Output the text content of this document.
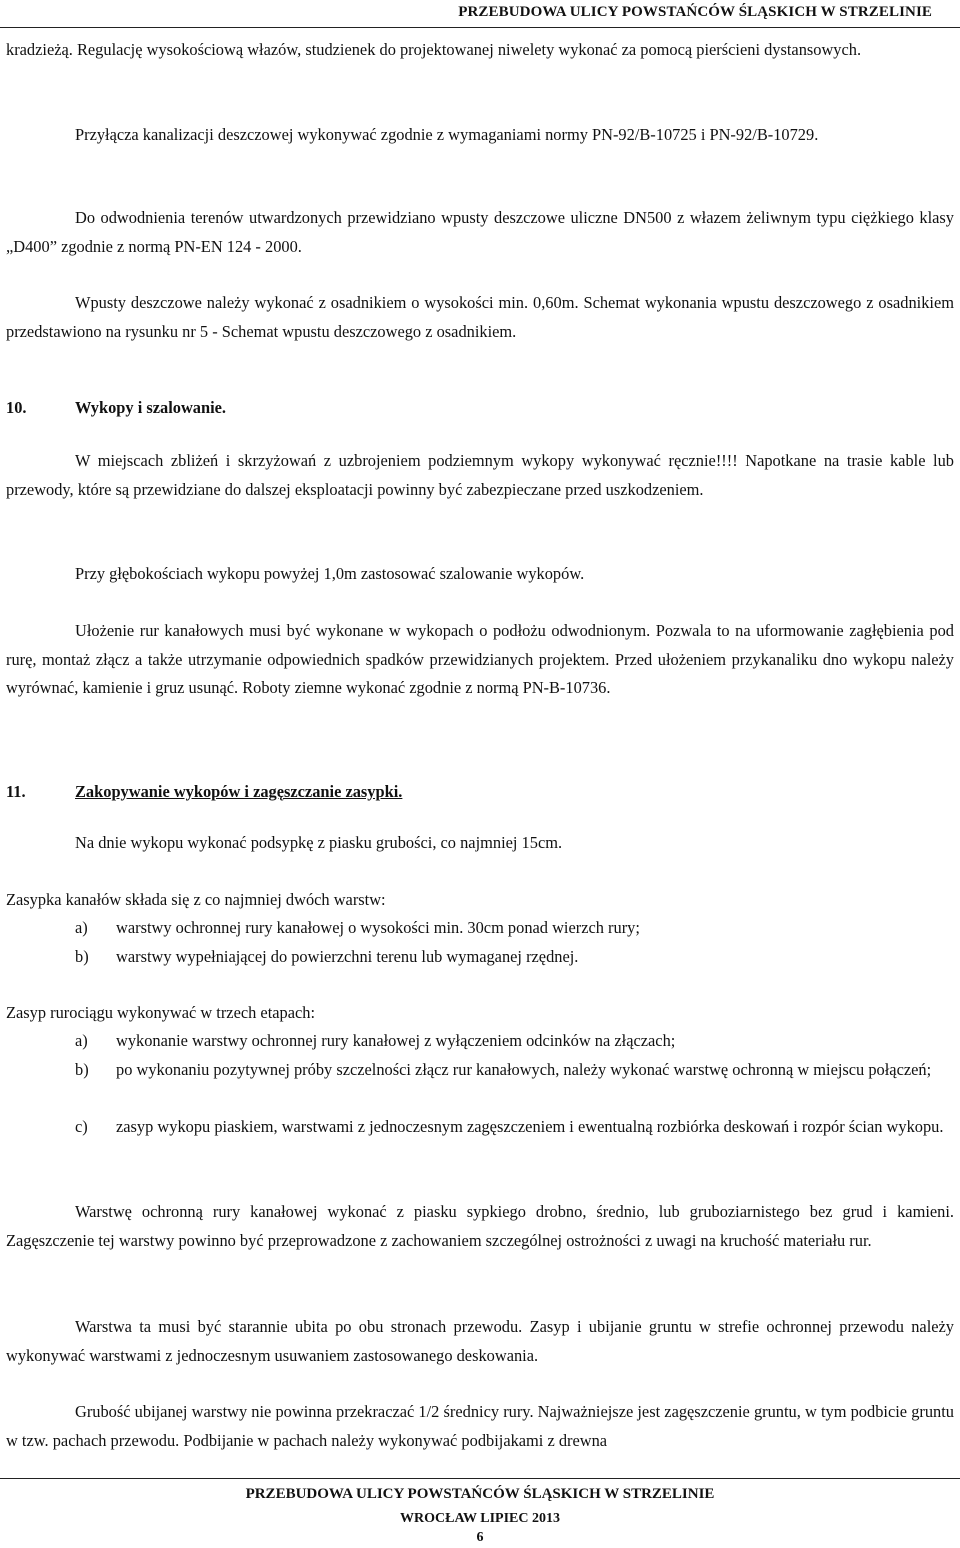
PRZEBUDOWA ULICY POWSTAŃCÓW ŚLĄSKICH W STRZELINIE

kradzieżą. Regulację wysokościową włazów, studzienek do projektowanej niwelety wykonać za pomocą pierścieni dystansowych.

Przyłącza kanalizacji deszczowej wykonywać zgodnie z wymaganiami normy PN-92/B-10725 i PN-92/B-10729.

Do odwodnienia terenów utwardzonych przewidziano wpusty deszczowe uliczne DN500 z włazem żeliwnym typu ciężkiego klasy „D400” zgodnie z normą PN-EN 124 - 2000.

Wpusty deszczowe należy wykonać z osadnikiem o wysokości min. 0,60m. Schemat wykonania wpustu deszczowego z osadnikiem przedstawiono na rysunku nr 5 - Schemat wpustu deszczowego z osadnikiem.

10.	Wykopy i szalowanie.

W miejscach zbliżeń i skrzyżowań z uzbrojeniem podziemnym wykopy wykonywać ręcznie!!!! Napotkane na trasie kable lub przewody, które są przewidziane do dalszej eksploatacji powinny być zabezpieczane przed uszkodzeniem.

Przy głębokościach wykopu powyżej 1,0m zastosować szalowanie wykopów.

Ułożenie rur kanałowych musi być wykonane w wykopach o podłożu odwodnionym. Pozwala to na uformowanie zagłębienia pod rurę, montaż złącz a także utrzymanie odpowiednich spadków przewidzianych projektem. Przed ułożeniem przykanaliku dno wykopu należy wyrównać, kamienie i gruz usunąć. Roboty ziemne wykonać zgodnie z normą PN-B-10736.

11.	Zakopywanie wykopów i zagęszczanie zasypki.

Na dnie wykopu wykonać podsypkę z piasku grubości, co najmniej 15cm.

Zasypka kanałów składa się z co najmniej dwóch warstw:

a) warstwy ochronnej rury kanałowej o wysokości min. 30cm ponad wierzch rury;
b) warstwy wypełniającej do powierzchni terenu lub wymaganej rzędnej.

Zasyp rurociągu wykonywać w trzech etapach:

a) wykonanie warstwy ochronnej rury kanałowej z wyłączeniem odcinków na złączach;
b) po wykonaniu pozytywnej próby szczelności złącz rur kanałowych, należy wykonać warstwę ochronną w miejscu połączeń;
c) zasyp wykopu piaskiem, warstwami z jednoczesnym zagęszczeniem i ewentualną rozbiórka deskowań i rozpór ścian wykopu.

Warstwę ochronną rury kanałowej wykonać z piasku sypkiego drobno, średnio, lub gruboziarnistego bez grud i kamieni. Zagęszczenie tej warstwy powinno być przeprowadzone z zachowaniem szczególnej ostrożności z uwagi na kruchość materiału rur.

Warstwa ta musi być starannie ubita po obu stronach przewodu. Zasyp i ubijanie gruntu w strefie ochronnej przewodu należy wykonywać warstwami z jednoczesnym usuwaniem zastosowanego deskowania.

Grubość ubijanej warstwy nie powinna przekraczać 1/2 średnicy rury. Najważniejsze jest zagęszczenie gruntu, w tym podbicie gruntu w tzw. pachach przewodu. Podbijanie w pachach należy wykonywać podbijakami z drewna

PRZEBUDOWA ULICY POWSTAŃCÓW ŚLĄSKICH W STRZELINIE
WROCŁAW LIPIEC 2013
6
